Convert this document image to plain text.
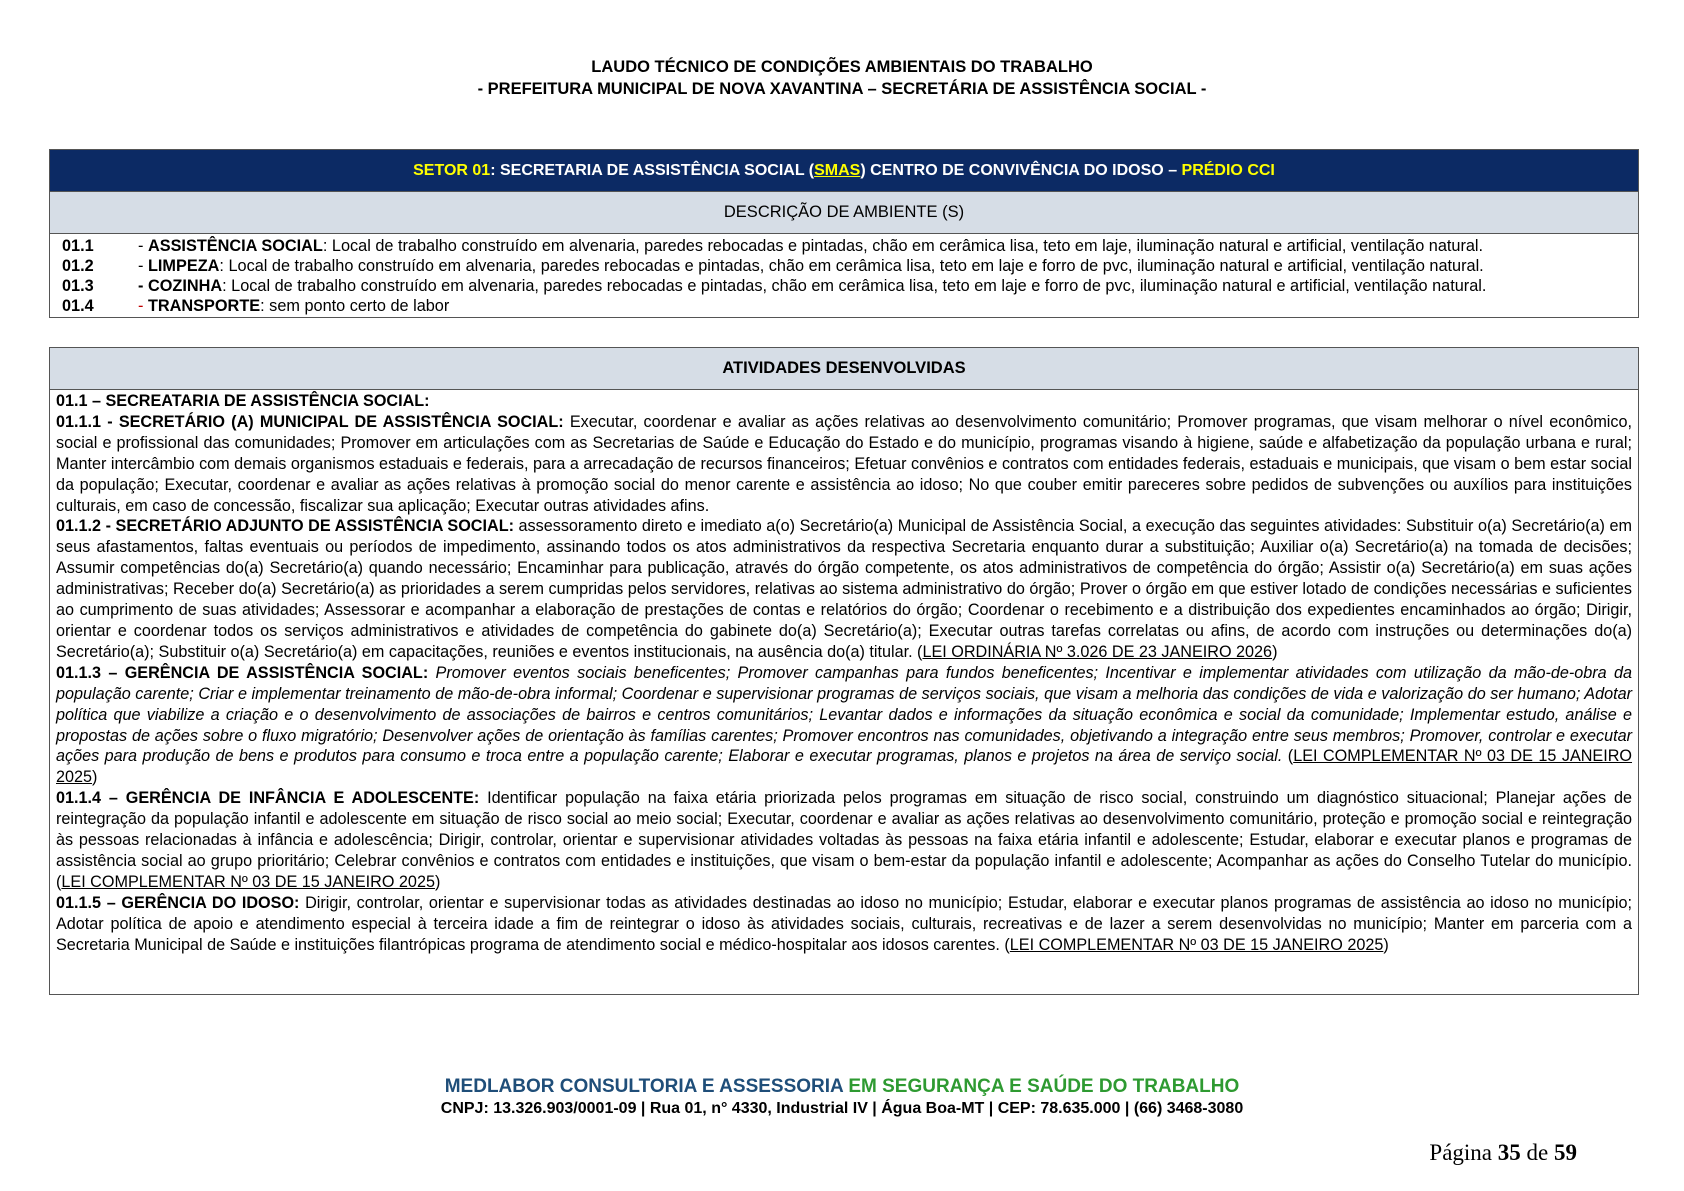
LAUDO TÉCNICO DE CONDIÇÕES AMBIENTAIS DO TRABALHO
- PREFEITURA MUNICIPAL DE NOVA XAVANTINA – SECRETÁRIA DE ASSISTÊNCIA SOCIAL -
SETOR 01: SECRETARIA DE ASSISTÊNCIA SOCIAL (SMAS) CENTRO DE CONVIVÊNCIA DO IDOSO – PRÉDIO CCI
DESCRIÇÃO DE AMBIENTE (S)
01.1	- ASSISTÊNCIA SOCIAL: Local de trabalho construído em alvenaria, paredes rebocadas e pintadas, chão em cerâmica lisa, teto em laje, iluminação natural e artificial, ventilação natural.
01.2	- LIMPEZA: Local de trabalho construído em alvenaria, paredes rebocadas e pintadas, chão em cerâmica lisa, teto em laje e forro de pvc, iluminação natural e artificial, ventilação natural.
01.3	- COZINHA: Local de trabalho construído em alvenaria, paredes rebocadas e pintadas, chão em cerâmica lisa, teto em laje e forro de pvc, iluminação natural e artificial, ventilação natural.
01.4	- TRANSPORTE: sem ponto certo de labor
ATIVIDADES DESENVOLVIDAS

01.1 – SECREATARIA DE ASSISTÊNCIA SOCIAL:

01.1.1 - SECRETÁRIO (A) MUNICIPAL DE ASSISTÊNCIA SOCIAL: Executar, coordenar e avaliar as ações relativas ao desenvolvimento comunitário; Promover programas, que visam melhorar o nível econômico, social e profissional das comunidades; Promover em articulações com as Secretarias de Saúde e Educação do Estado e do município, programas visando à higiene, saúde e alfabetização da população urbana e rural; Manter intercâmbio com demais organismos estaduais e federais, para a arrecadação de recursos financeiros; Efetuar convênios e contratos com entidades federais, estaduais e municipais, que visam o bem estar social da população; Executar, coordenar e avaliar as ações relativas à promoção social do menor carente e assistência ao idoso; No que couber emitir pareceres sobre pedidos de subvenções ou auxílios para instituições culturais, em caso de concessão, fiscalizar sua aplicação; Executar outras atividades afins.

01.1.2 - SECRETÁRIO ADJUNTO DE ASSISTÊNCIA SOCIAL: assessoramento direto e imediato a(o) Secretário(a) Municipal de Assistência Social, a execução das seguintes atividades: Substituir o(a) Secretário(a) em seus afastamentos, faltas eventuais ou períodos de impedimento, assinando todos os atos administrativos da respectiva Secretaria enquanto durar a substituição; Auxiliar o(a) Secretário(a) na tomada de decisões; Assumir competências do(a) Secretário(a) quando necessário; Encaminhar para publicação, através do órgão competente, os atos administrativos de competência do órgão; Assistir o(a) Secretário(a) em suas ações administrativas; Receber do(a) Secretário(a) as prioridades a serem cumpridas pelos servidores, relativas ao sistema administrativo do órgão; Prover o órgão em que estiver lotado de condições necessárias e suficientes ao cumprimento de suas atividades; Assessorar e acompanhar a elaboração de prestações de contas e relatórios do órgão; Coordenar o recebimento e a distribuição dos expedientes encaminhados ao órgão; Dirigir, orientar e coordenar todos os serviços administrativos e atividades de competência do gabinete do(a) Secretário(a); Executar outras tarefas correlatas ou afins, de acordo com instruções ou determinações do(a) Secretário(a); Substituir o(a) Secretário(a) em capacitações, reuniões e eventos institucionais, na ausência do(a) titular. (LEI ORDINÁRIA Nº 3.026 DE 23 JANEIRO 2026)

01.1.3 – GERÊNCIA DE ASSISTÊNCIA SOCIAL: Promover eventos sociais beneficentes; Promover campanhas para fundos beneficentes; Incentivar e implementar atividades com utilização da mão-de-obra da população carente; Criar e implementar treinamento de mão-de-obra informal; Coordenar e supervisionar programas de serviços sociais, que visam a melhoria das condições de vida e valorização do ser humano; Adotar política que viabilize a criação e o desenvolvimento de associações de bairros e centros comunitários; Levantar dados e informações da situação econômica e social da comunidade; Implementar estudo, análise e propostas de ações sobre o fluxo migratório; Desenvolver ações de orientação às famílias carentes; Promover encontros nas comunidades, objetivando a integração entre seus membros; Promover, controlar e executar ações para produção de bens e produtos para consumo e troca entre a população carente; Elaborar e executar programas, planos e projetos na área de serviço social. (LEI COMPLEMENTAR Nº 03 DE 15 JANEIRO 2025)

01.1.4 – GERÊNCIA DE INFÂNCIA E ADOLESCENTE: Identificar população na faixa etária priorizada pelos programas em situação de risco social, construindo um diagnóstico situacional; Planejar ações de reintegração da população infantil e adolescente em situação de risco social ao meio social; Executar, coordenar e avaliar as ações relativas ao desenvolvimento comunitário, proteção e promoção social e reintegração às pessoas relacionadas à infância e adolescência; Dirigir, controlar, orientar e supervisionar atividades voltadas às pessoas na faixa etária infantil e adolescente; Estudar, elaborar e executar planos e programas de assistência social ao grupo prioritário; Celebrar convênios e contratos com entidades e instituições, que visam o bem-estar da população infantil e adolescente; Acompanhar as ações do Conselho Tutelar do município. (LEI COMPLEMENTAR Nº 03 DE 15 JANEIRO 2025)

01.1.5 – GERÊNCIA DO IDOSO: Dirigir, controlar, orientar e supervisionar todas as atividades destinadas ao idoso no município; Estudar, elaborar e executar planos programas de assistência ao idoso no município; Adotar política de apoio e atendimento especial à terceira idade a fim de reintegrar o idoso às atividades sociais, culturais, recreativas e de lazer a serem desenvolvidas no município; Manter em parceria com a Secretaria Municipal de Saúde e instituições filantrópicas programa de atendimento social e médico-hospitalar aos idosos carentes. (LEI COMPLEMENTAR Nº 03 DE 15 JANEIRO 2025)

MEDLABOR CONSULTORIA E ASSESSORIA EM SEGURANÇA E SAÚDE DO TRABALHO
CNPJ: 13.326.903/0001-09 | Rua 01, n° 4330, Industrial IV | Água Boa-MT | CEP: 78.635.000 | (66) 3468-3080
Página 35 de 59
